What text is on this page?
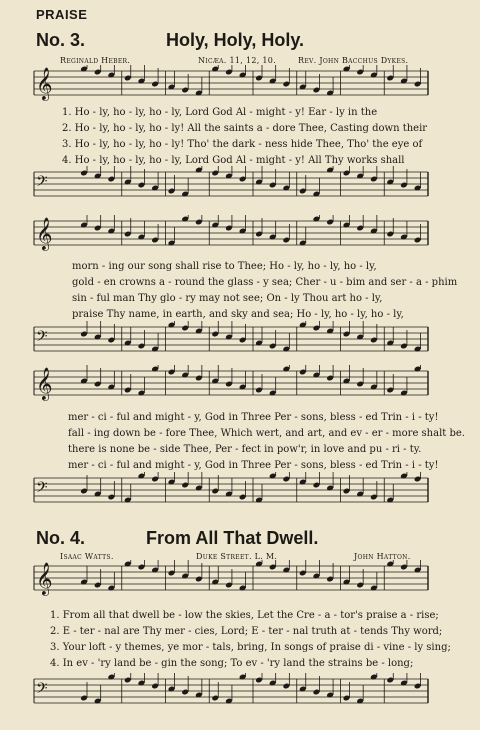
PRAISE
No. 3.	Holy, Holy, Holy.
Reginald Heber.	Nicæa. 11, 12, 10.	Rev. John Bacchus Dykes.
𝄞
1. Ho - ly, ho - ly, ho - ly, Lord God Al - might - y! Ear - ly in the
2. Ho - ly, ho - ly, ho - ly! All the saints a - dore Thee, Casting down their
3. Ho - ly, ho - ly, ho - ly! Tho' the dark - ness hide Thee, Tho' the eye of
4. Ho - ly, ho - ly, ho - ly, Lord God Al - might - y! All Thy works shall
𝄢
𝄞
morn - ing our song shall rise to Thee; Ho - ly, ho - ly, ho - ly,
gold - en crowns a - round the glass - y sea; Cher - u - bim and ser - a - phim
sin - ful man Thy glo - ry may not see; On - ly Thou art ho - ly,
praise Thy name, in earth, and sky and sea; Ho - ly, ho - ly, ho - ly,
𝄢
𝄞
mer - ci - ful and might - y, God in Three Per - sons, bless - ed Trin - i - ty!
fall - ing down be - fore Thee, Which wert, and art, and ev - er - more shalt be.
there is none be - side Thee, Per - fect in pow'r, in love and pu - ri - ty.
mer - ci - ful and might - y, God in Three Per - sons, bless - ed Trin - i - ty!
𝄢
No. 4.	From All That Dwell.
Isaac Watts.	Duke Street. L. M.	John Hatton.
𝄞
1. From all that dwell be - low the skies, Let the Cre - a - tor's praise a - rise;
2. E - ter - nal are Thy mer - cies, Lord; E - ter - nal truth at - tends Thy word;
3. Your loft - y themes, ye mor - tals, bring, In songs of praise di - vine - ly sing;
4. In ev - 'ry land be - gin the song; To ev - 'ry land the strains be - long;
𝄢
